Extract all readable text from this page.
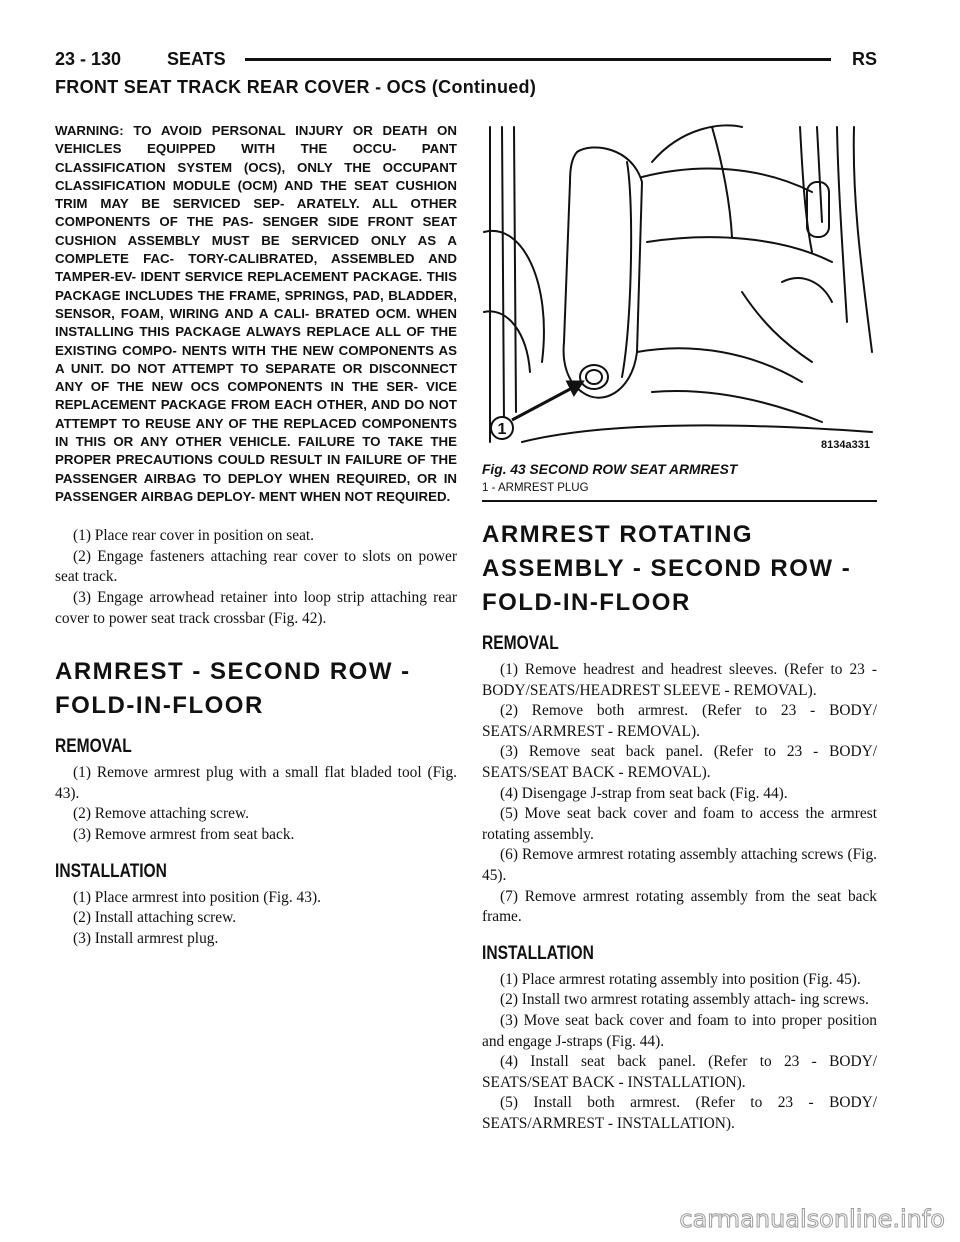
23 - 130	SEATS	RS
FRONT SEAT TRACK REAR COVER - OCS (Continued)

WARNING: TO AVOID PERSONAL INJURY OR DEATH ON VEHICLES EQUIPPED WITH THE OCCU- PANT CLASSIFICATION SYSTEM (OCS), ONLY THE OCCUPANT CLASSIFICATION MODULE (OCM) AND THE SEAT CUSHION TRIM MAY BE SERVICED SEP- ARATELY. ALL OTHER COMPONENTS OF THE PAS- SENGER SIDE FRONT SEAT CUSHION ASSEMBLY MUST BE SERVICED ONLY AS A COMPLETE FAC- TORY-CALIBRATED, ASSEMBLED AND TAMPER-EV- IDENT SERVICE REPLACEMENT PACKAGE. THIS PACKAGE INCLUDES THE FRAME, SPRINGS, PAD, BLADDER, SENSOR, FOAM, WIRING AND A CALI- BRATED OCM. WHEN INSTALLING THIS PACKAGE ALWAYS REPLACE ALL OF THE EXISTING COMPO- NENTS WITH THE NEW COMPONENTS AS A UNIT. DO NOT ATTEMPT TO SEPARATE OR DISCONNECT ANY OF THE NEW OCS COMPONENTS IN THE SER- VICE REPLACEMENT PACKAGE FROM EACH OTHER, AND DO NOT ATTEMPT TO REUSE ANY OF THE REPLACED COMPONENTS IN THIS OR ANY OTHER VEHICLE. FAILURE TO TAKE THE PROPER PRECAUTIONS COULD RESULT IN FAILURE OF THE PASSENGER AIRBAG TO DEPLOY WHEN REQUIRED, OR IN PASSENGER AIRBAG DEPLOY- MENT WHEN NOT REQUIRED.

(1) Place rear cover in position on seat.

(2) Engage fasteners attaching rear cover to slots on power seat track.

(3) Engage arrowhead retainer into loop strip attaching rear cover to power seat track crossbar (Fig. 42).

ARMREST - SECOND ROW -
FOLD-IN-FLOOR
REMOVAL

(1) Remove armrest plug with a small flat bladed tool (Fig. 43).

(2) Remove attaching screw.

(3) Remove armrest from seat back.

INSTALLATION

(1) Place armrest into position (Fig. 43).

(2) Install attaching screw.

(3) Install armrest plug.

1
8134a331
Fig. 43 SECOND ROW SEAT ARMREST
1 - ARMREST PLUG
ARMREST ROTATING
ASSEMBLY - SECOND ROW -
FOLD-IN-FLOOR
REMOVAL

(1) Remove headrest and headrest sleeves. (Refer to 23 - BODY/SEATS/HEADREST SLEEVE - REMOVAL).

(2) Remove both armrest. (Refer to 23 - BODY/ SEATS/ARMREST - REMOVAL).

(3) Remove seat back panel. (Refer to 23 - BODY/ SEATS/SEAT BACK - REMOVAL).

(4) Disengage J-strap from seat back (Fig. 44).

(5) Move seat back cover and foam to access the armrest rotating assembly.

(6) Remove armrest rotating assembly attaching screws (Fig. 45).

(7) Remove armrest rotating assembly from the seat back frame.

INSTALLATION

(1) Place armrest rotating assembly into position (Fig. 45).

(2) Install two armrest rotating assembly attach- ing screws.

(3) Move seat back cover and foam to into proper position and engage J-straps (Fig. 44).

(4) Install seat back panel. (Refer to 23 - BODY/ SEATS/SEAT BACK - INSTALLATION).

(5) Install both armrest. (Refer to 23 - BODY/ SEATS/ARMREST - INSTALLATION).

carmanualsonline.info
